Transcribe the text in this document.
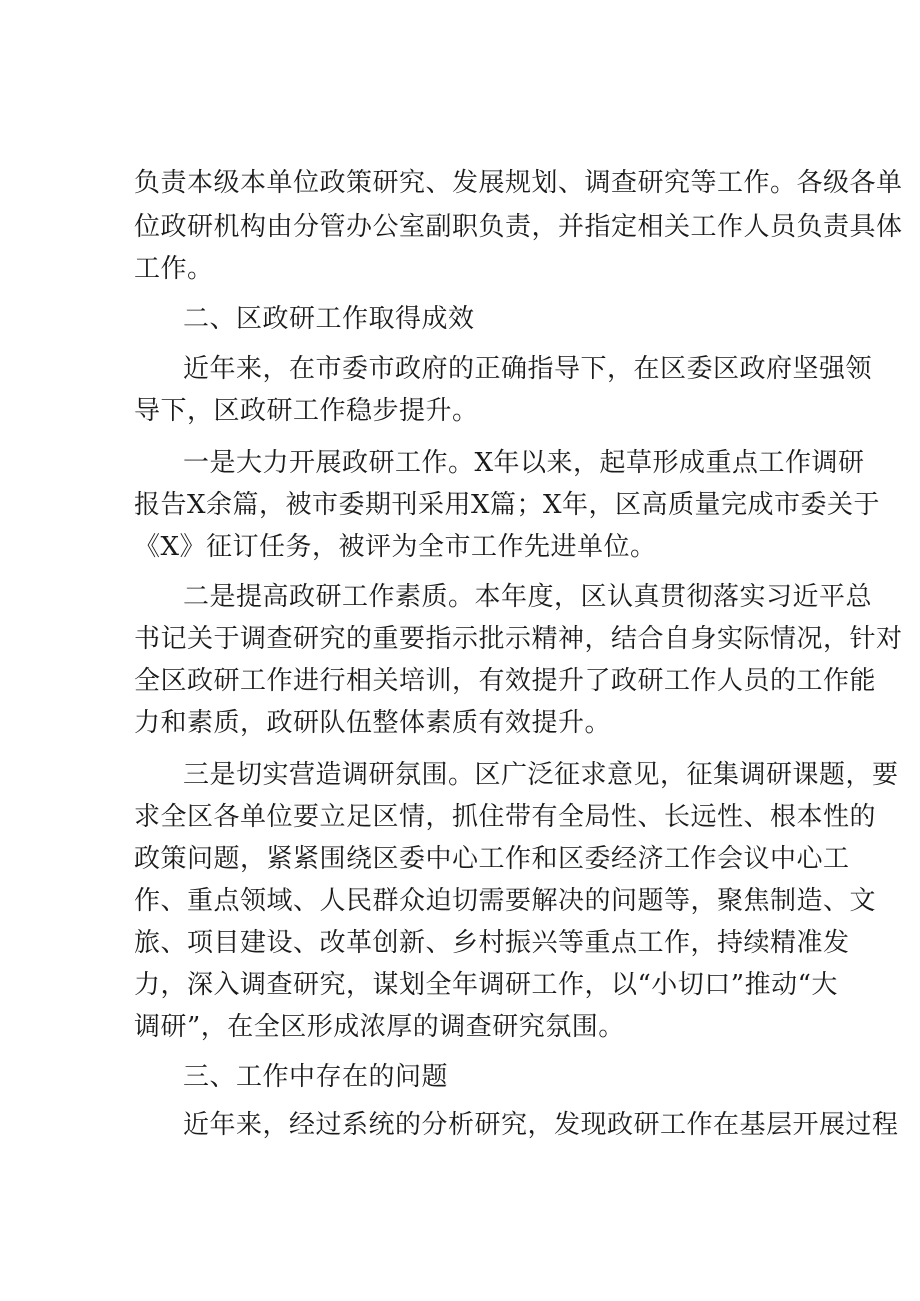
负责本级本单位政策研究、发展规划、调查研究等工作。各级各单
位政研机构由分管办公室副职负责，并指定相关工作人员负责具体
工作。
二、区政研工作取得成效
近年来，在市委市政府的正确指导下，在区委区政府坚强领
导下，区政研工作稳步提升。
一是大力开展政研工作。X年以来，起草形成重点工作调研
报告X余篇，被市委期刊采用X篇；X年，区高质量完成市委关于
《X》征订任务，被评为全市工作先进单位。
二是提高政研工作素质。本年度，区认真贯彻落实习近平总
书记关于调查研究的重要指示批示精神，结合自身实际情况，针对
全区政研工作进行相关培训，有效提升了政研工作人员的工作能
力和素质，政研队伍整体素质有效提升。
三是切实营造调研氛围。区广泛征求意见，征集调研课题，要
求全区各单位要立足区情，抓住带有全局性、长远性、根本性的
政策问题，紧紧围绕区委中心工作和区委经济工作会议中心工
作、重点领域、人民群众迫切需要解决的问题等，聚焦制造、文
旅、项目建设、改革创新、乡村振兴等重点工作，持续精准发
力，深入调查研究，谋划全年调研工作，以“小切口”推动“大
调研”，在全区形成浓厚的调查研究氛围。
三、工作中存在的问题
近年来，经过系统的分析研究，发现政研工作在基层开展过程
